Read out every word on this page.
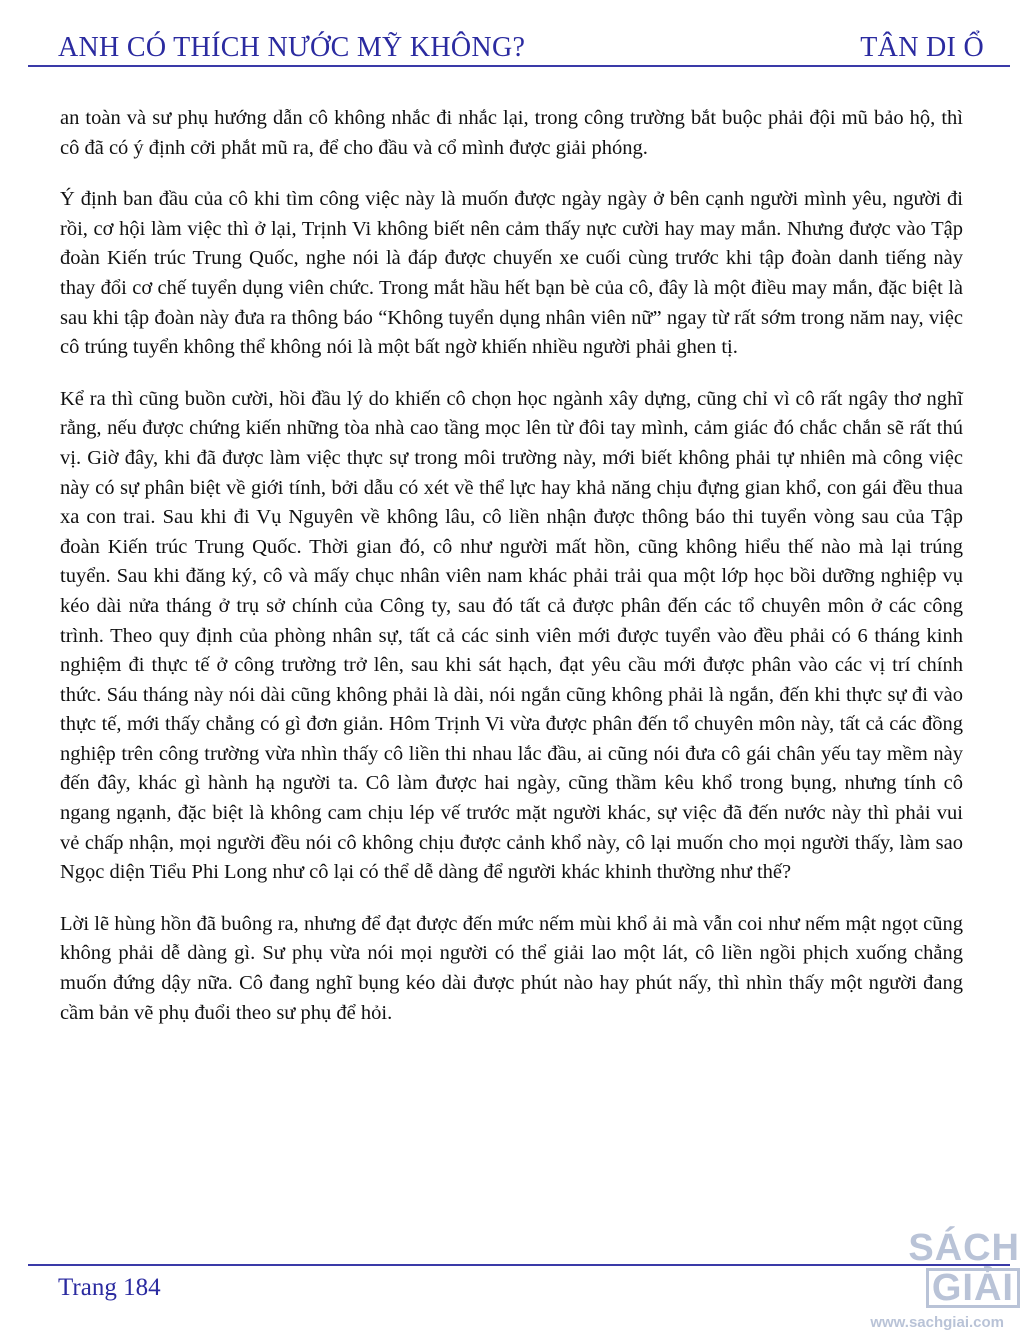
ANH CÓ THÍCH NƯỚC MỸ KHÔNG?	TÂN DI Ổ

an toàn và sư phụ hướng dẫn cô không nhắc đi nhắc lại, trong công trường bắt buộc phải đội mũ bảo hộ, thì cô đã có ý định cởi phắt mũ ra, để cho đầu và cổ mình được giải phóng.

Ý định ban đầu của cô khi tìm công việc này là muốn được ngày ngày ở bên cạnh người mình yêu, người đi rồi, cơ hội làm việc thì ở lại, Trịnh Vi không biết nên cảm thấy nực cười hay may mắn. Nhưng được vào Tập đoàn Kiến trúc Trung Quốc, nghe nói là đáp được chuyến xe cuối cùng trước khi tập đoàn danh tiếng này thay đổi cơ chế tuyển dụng viên chức. Trong mắt hầu hết bạn bè của cô, đây là một điều may mắn, đặc biệt là sau khi tập đoàn này đưa ra thông báo “Không tuyển dụng nhân viên nữ” ngay từ rất sớm trong năm nay, việc cô trúng tuyển không thể không nói là một bất ngờ khiến nhiều người phải ghen tị.

Kể ra thì cũng buồn cười, hồi đầu lý do khiến cô chọn học ngành xây dựng, cũng chỉ vì cô rất ngây thơ nghĩ rằng, nếu được chứng kiến những tòa nhà cao tầng mọc lên từ đôi tay mình, cảm giác đó chắc chắn sẽ rất thú vị. Giờ đây, khi đã được làm việc thực sự trong môi trường này, mới biết không phải tự nhiên mà công việc này có sự phân biệt về giới tính, bởi dẫu có xét về thể lực hay khả năng chịu đựng gian khổ, con gái đều thua xa con trai. Sau khi đi Vụ Nguyên về không lâu, cô liền nhận được thông báo thi tuyển vòng sau của Tập đoàn Kiến trúc Trung Quốc. Thời gian đó, cô như người mất hồn, cũng không hiểu thế nào mà lại trúng tuyển. Sau khi đăng ký, cô và mấy chục nhân viên nam khác phải trải qua một lớp học bồi dưỡng nghiệp vụ kéo dài nửa tháng ở trụ sở chính của Công ty, sau đó tất cả được phân đến các tổ chuyên môn ở các công trình. Theo quy định của phòng nhân sự, tất cả các sinh viên mới được tuyển vào đều phải có 6 tháng kinh nghiệm đi thực tế ở công trường trở lên, sau khi sát hạch, đạt yêu cầu mới được phân vào các vị trí chính thức. Sáu tháng này nói dài cũng không phải là dài, nói ngắn cũng không phải là ngắn, đến khi thực sự đi vào thực tế, mới thấy chẳng có gì đơn giản. Hôm Trịnh Vi vừa được phân đến tổ chuyên môn này, tất cả các đồng nghiệp trên công trường vừa nhìn thấy cô liền thi nhau lắc đầu, ai cũng nói đưa cô gái chân yếu tay mềm này đến đây, khác gì hành hạ người ta. Cô làm được hai ngày, cũng thầm kêu khổ trong bụng, nhưng tính cô ngang ngạnh, đặc biệt là không cam chịu lép vế trước mặt người khác, sự việc đã đến nước này thì phải vui vẻ chấp nhận, mọi người đều nói cô không chịu được cảnh khổ này, cô lại muốn cho mọi người thấy, làm sao Ngọc diện Tiểu Phi Long như cô lại có thể dễ dàng để người khác khinh thường như thế?

Lời lẽ hùng hồn đã buông ra, nhưng để đạt được đến mức nếm mùi khổ ải mà vẫn coi như nếm mật ngọt cũng không phải dễ dàng gì. Sư phụ vừa nói mọi người có thể giải lao một lát, cô liền ngồi phịch xuống chẳng muốn đứng dậy nữa. Cô đang nghĩ bụng kéo dài được phút nào hay phút nấy, thì nhìn thấy một người đang cầm bản vẽ phụ đuổi theo sư phụ để hỏi.

Trang 184
SÁCHGIẢI
www.sachgiai.com
